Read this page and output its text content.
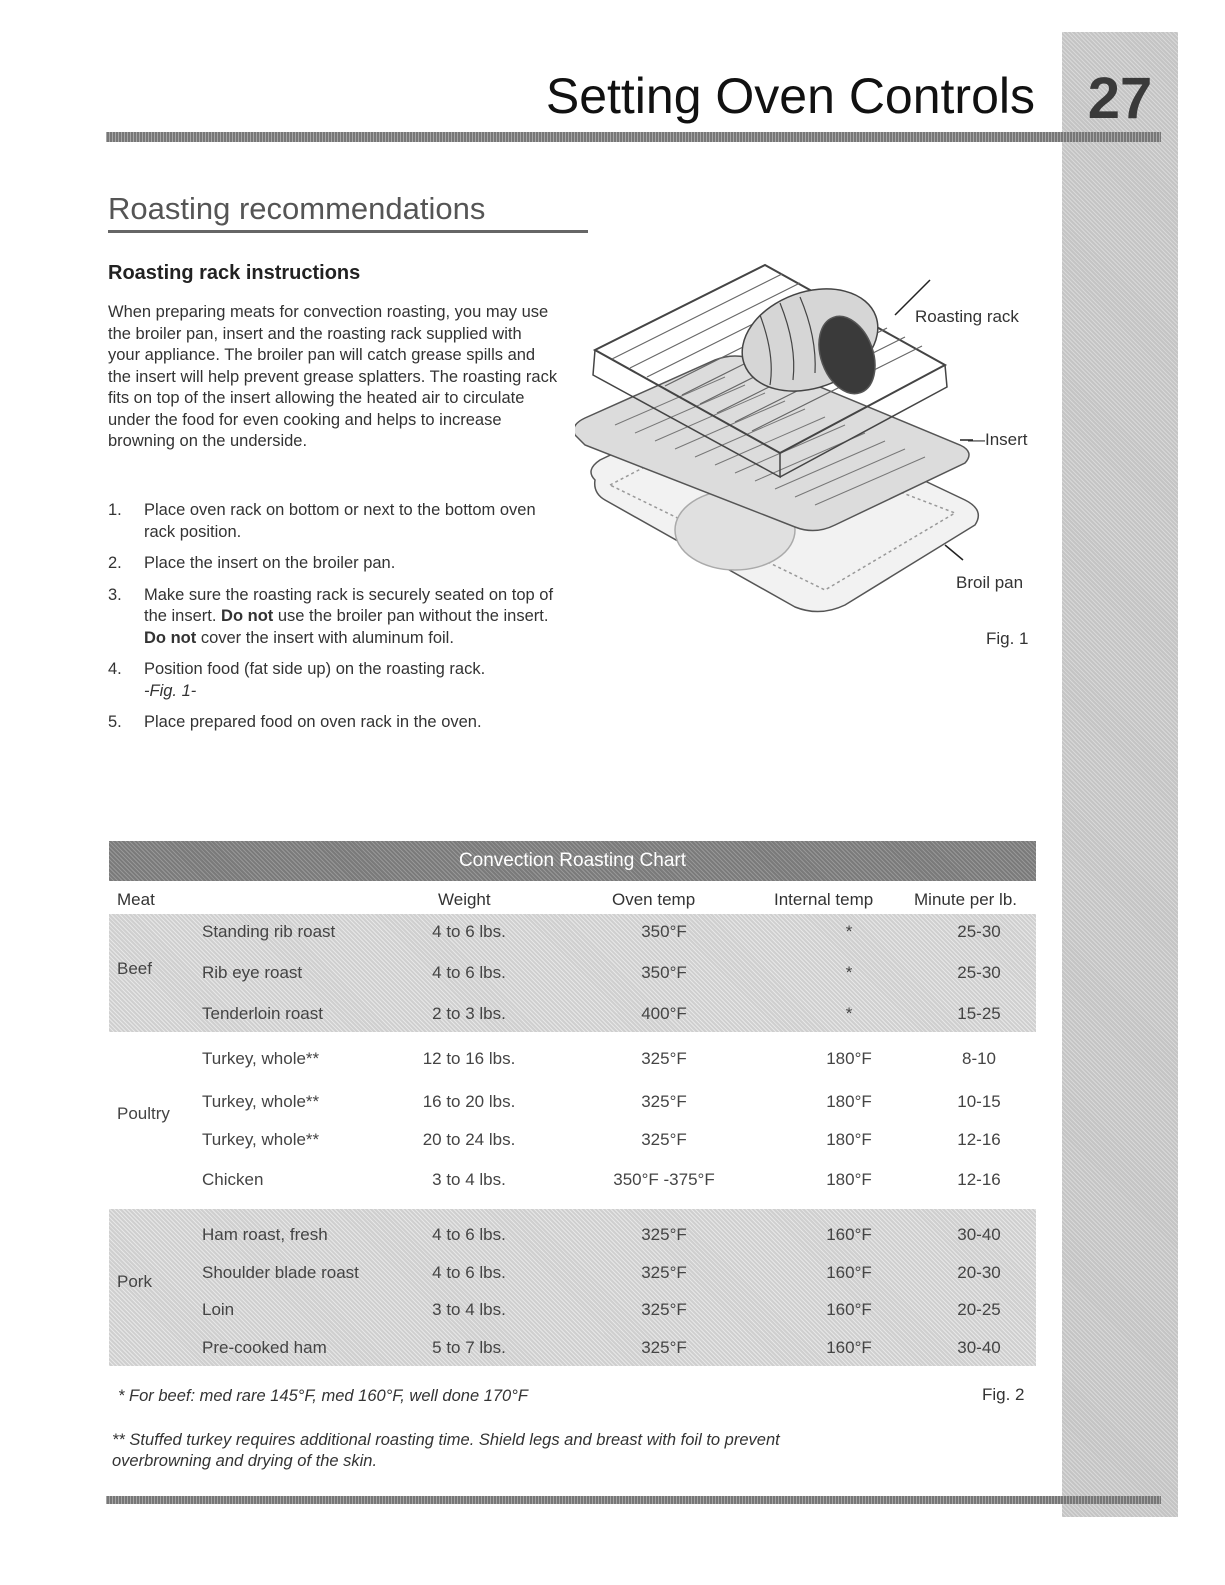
27
Setting Oven Controls
Roasting recommendations
Roasting rack instructions

When preparing meats for convection roasting, you may use the broiler pan, insert and the roasting rack supplied with your appliance. The broiler pan will catch grease spills and the insert will help prevent grease splatters. The roasting rack fits on top of the insert allowing the heated air to circulate under the food for even cooking and helps to increase browning on the underside.

1.	Place oven rack on bottom or next to the bottom oven rack position.
2.	Place the insert on the broiler pan.
3.	Make sure the roasting rack is securely seated on top of the insert. Do not use the broiler pan without the insert. Do not cover the insert with aluminum foil.
4.	Position food (fat side up) on the roasting rack.
-Fig. 1-
5.	Place prepared food on oven rack in the oven.
Roasting rack
—Insert
Broil pan
Fig. 1
Convection Roasting Chart
Meat	Weight	Oven temp	Internal temp Minute per lb.
Beef
Standing rib roast	4 to 6 lbs.	350°F	*	25-30
Rib eye roast	4 to 6 lbs.	350°F	*	25-30
Tenderloin roast	2 to 3 lbs.	400°F	*	15-25
Poultry
Turkey, whole**	12 to 16 lbs.	325°F	180°F	8-10
Turkey, whole**	16 to 20 lbs.	325°F	180°F	10-15
Turkey, whole**	20 to 24 lbs.	325°F	180°F	12-16
Chicken	3 to 4 lbs.	350°F -375°F	180°F	12-16
Pork
Ham roast, fresh	4 to 6 lbs.	325°F	160°F	30-40
Shoulder blade roast	4 to 6 lbs.	325°F	160°F	20-30
Loin	3 to 4 lbs.	325°F	160°F	20-25
Pre-cooked ham	5 to 7 lbs.	325°F	160°F	30-40

* For beef: med rare 145°F, med 160°F, well done 170°F	Fig. 2

** Stuffed turkey requires additional roasting time. Shield legs and breast with foil to prevent overbrowning and drying of the skin.
